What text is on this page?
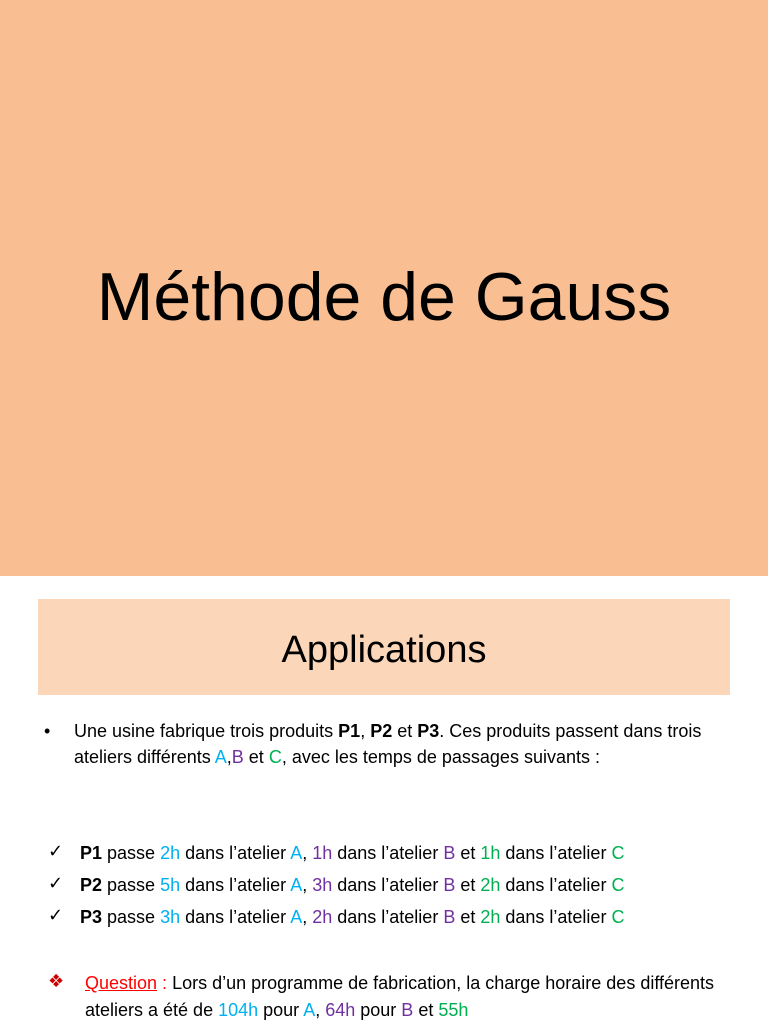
Méthode de Gauss
Applications
• Une usine fabrique trois produits P1, P2 et P3. Ces produits passent dans trois ateliers différents A,B et C, avec les temps de passages suivants :
✓ P1 passe 2h dans l’atelier A, 1h dans l’atelier B et 1h dans l’atelier C
✓ P2 passe 5h dans l’atelier A, 3h dans l’atelier B et 2h dans l’atelier C
✓ P3 passe 3h dans l’atelier A, 2h dans l’atelier B et 2h dans l’atelier C
❖ Question : Lors d’un programme de fabrication, la charge horaire des différents ateliers a été de 104h pour A, 64h pour B et 55h
